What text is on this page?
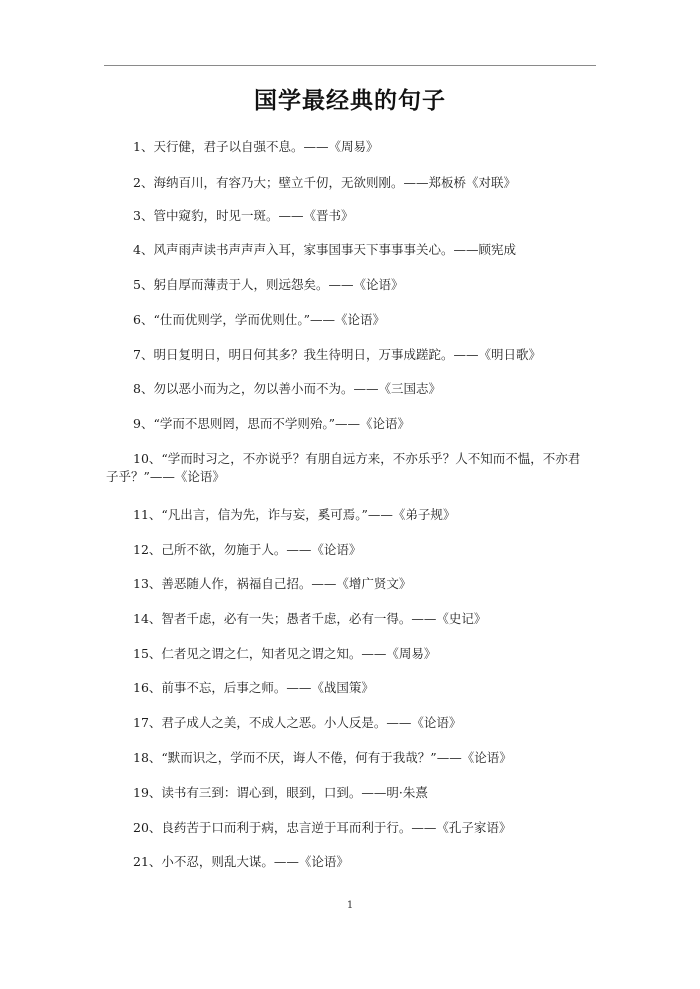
国学最经典的句子
1、天行健，君子以自强不息。——《周易》
2、海纳百川，有容乃大；壁立千仞，无欲则刚。——郑板桥《对联》
3、管中窥豹，时见一斑。——《晋书》
4、风声雨声读书声声声入耳，家事国事天下事事事关心。——顾宪成
5、躬自厚而薄责于人，则远怨矣。——《论语》
6、“仕而优则学，学而优则仕。”——《论语》
7、明日复明日，明日何其多？我生待明日，万事成蹉跎。——《明日歌》
8、勿以恶小而为之，勿以善小而不为。——《三国志》
9、“学而不思则罔，思而不学则殆。”——《论语》
10、“学而时习之，不亦说乎？有朋自远方来，不亦乐乎？人不知而不愠，不亦君子乎？”——《论语》
11、“凡出言，信为先，诈与妄，奚可焉。”——《弟子规》
12、己所不欲，勿施于人。——《论语》
13、善恶随人作，祸福自己招。——《增广贤文》
14、智者千虑，必有一失；愚者千虑，必有一得。——《史记》
15、仁者见之谓之仁，知者见之谓之知。——《周易》
16、前事不忘，后事之师。——《战国策》
17、君子成人之美，不成人之恶。小人反是。——《论语》
18、“默而识之，学而不厌，诲人不倦，何有于我哉？”——《论语》
19、读书有三到：谓心到，眼到，口到。——明·朱熹
20、良药苦于口而利于病，忠言逆于耳而利于行。——《孔子家语》
21、小不忍，则乱大谋。——《论语》
1
